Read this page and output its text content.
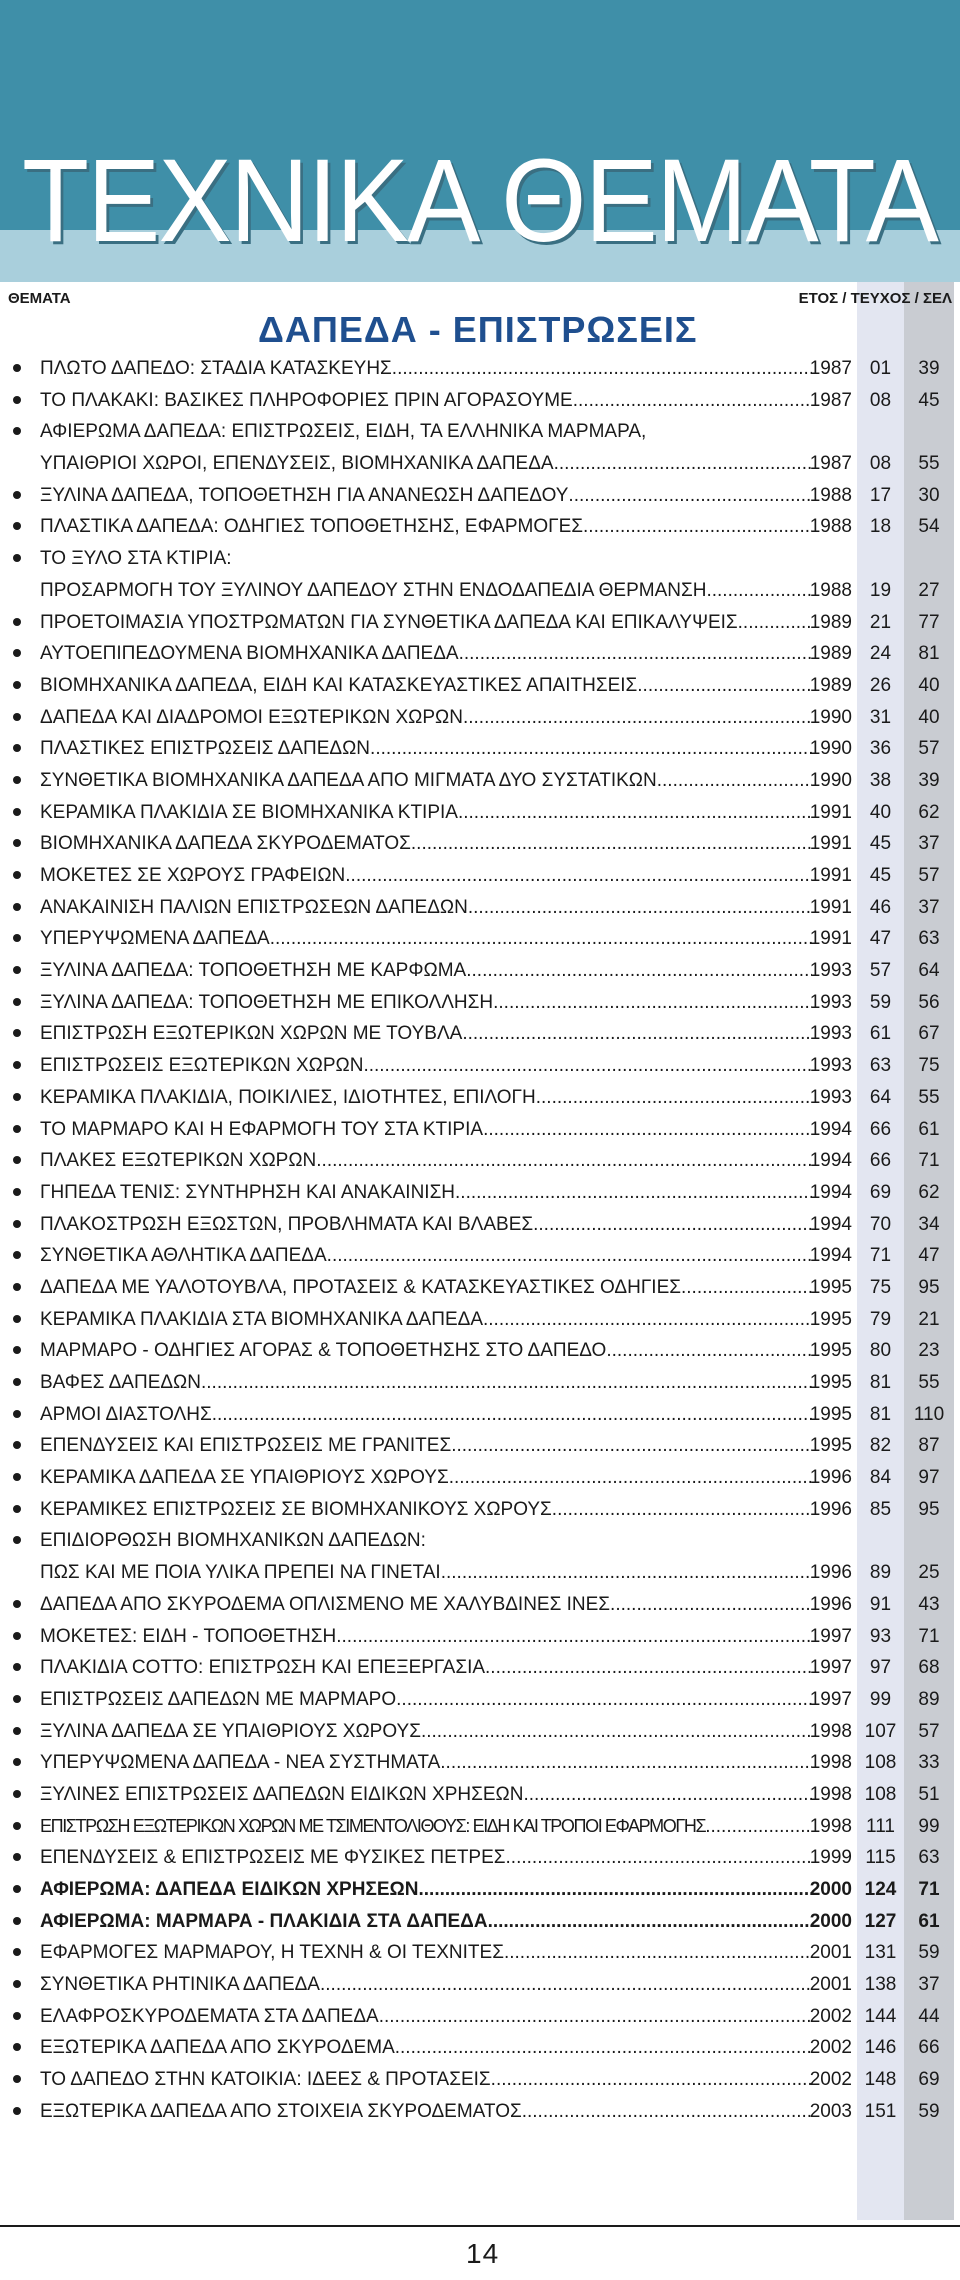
ΤΕΧΝΙΚΑ ΘΕΜΑΤΑ
ΘΕΜΑΤΑ	ΕΤΟΣ / ΤΕΥΧΟΣ / ΣΕΛ
ΔΑΠΕΔΑ - ΕΠΙΣΤΡΩΣΕΙΣ
ΠΛΩΤΟ ΔΑΠΕΔΟ: ΣΤΑΔΙΑ ΚΑΤΑΣΚΕΥΗΣ .....	1987 01	39
ΤΟ ΠΛΑΚΑΚΙ: ΒΑΣΙΚΕΣ ΠΛΗΡΟΦΟΡΙΕΣ ΠΡΙΝ ΑΓΟΡΑΣΟΥΜΕ .....	1987 08	45
ΑΦΙΕΡΩΜΑ ΔΑΠΕΔΑ: ΕΠΙΣΤΡΩΣΕΙΣ, ΕΙΔΗ, ΤΑ ΕΛΛΗΝΙΚΑ ΜΑΡΜΑΡΑ,
ΥΠΑΙΘΡΙΟΙ ΧΩΡΟΙ, ΕΠΕΝΔΥΣΕΙΣ, ΒΙΟΜΗΧΑΝΙΚΑ ΔΑΠΕΔΑ .....	1987 08	55
ΞΥΛΙΝΑ ΔΑΠΕΔΑ, ΤΟΠΟΘΕΤΗΣΗ ΓΙΑ ΑΝΑΝΕΩΣΗ ΔΑΠΕΔΟΥ .....	1988 17	30
ΠΛΑΣΤΙΚΑ ΔΑΠΕΔΑ: ΟΔΗΓΙΕΣ ΤΟΠΟΘΕΤΗΣΗΣ, ΕΦΑΡΜΟΓΕΣ .....	1988 18	54
ΤΟ ΞΥΛΟ ΣΤΑ ΚΤΙΡΙΑ:
ΠΡΟΣΑΡΜΟΓΗ ΤΟΥ ΞΥΛΙΝΟΥ ΔΑΠΕΔΟΥ ΣΤΗΝ ΕΝΔΟΔΑΠΕΔΙΑ ΘΕΡΜΑΝΣΗ .....	1988 19	27
ΠΡΟΕΤΟΙΜΑΣΙΑ ΥΠΟΣΤΡΩΜΑΤΩΝ ΓΙΑ ΣΥΝΘΕΤΙΚΑ ΔΑΠΕΔΑ ΚΑΙ ΕΠΙΚΑΛΥΨΕΙΣ .....	1989 21	77
ΑΥΤΟΕΠΙΠΕΔΟΥΜΕΝΑ ΒΙΟΜΗΧΑΝΙΚΑ ΔΑΠΕΔΑ .....	1989 24	81
ΒΙΟΜΗΧΑΝΙΚΑ ΔΑΠΕΔΑ, ΕΙΔΗ ΚΑΙ ΚΑΤΑΣΚΕΥΑΣΤΙΚΕΣ ΑΠΑΙΤΗΣΕΙΣ .....	1989 26	40
ΔΑΠΕΔΑ ΚΑΙ ΔΙΑΔΡΟΜΟΙ ΕΞΩΤΕΡΙΚΩΝ ΧΩΡΩΝ .....	1990 31	40
ΠΛΑΣΤΙΚΕΣ ΕΠΙΣΤΡΩΣΕΙΣ ΔΑΠΕΔΩΝ .....	1990 36	57
ΣΥΝΘΕΤΙΚΑ ΒΙΟΜΗΧΑΝΙΚΑ ΔΑΠΕΔΑ ΑΠΟ ΜΙΓΜΑΤΑ ΔΥΟ ΣΥΣΤΑΤΙΚΩΝ .....	1990 38	39
ΚΕΡΑΜΙΚΑ ΠΛΑΚΙΔΙΑ ΣΕ ΒΙΟΜΗΧΑΝΙΚΑ ΚΤΙΡΙΑ .....	1991 40	62
ΒΙΟΜΗΧΑΝΙΚΑ ΔΑΠΕΔΑ ΣΚΥΡΟΔΕΜΑΤΟΣ .....	1991 45	37
ΜΟΚΕΤΕΣ ΣΕ ΧΩΡΟΥΣ ΓΡΑΦΕΙΩΝ .....	1991 45	57
ΑΝΑΚΑΙΝΙΣΗ ΠΑΛΙΩΝ ΕΠΙΣΤΡΩΣΕΩΝ ΔΑΠΕΔΩΝ .....	1991 46	37
ΥΠΕΡΥΨΩΜΕΝΑ ΔΑΠΕΔΑ .....	1991 47	63
ΞΥΛΙΝΑ ΔΑΠΕΔΑ: ΤΟΠΟΘΕΤΗΣΗ ΜΕ ΚΑΡΦΩΜΑ .....	1993 57	64
ΞΥΛΙΝΑ ΔΑΠΕΔΑ: ΤΟΠΟΘΕΤΗΣΗ ΜΕ ΕΠΙΚΟΛΛΗΣΗ .....	1993 59	56
ΕΠΙΣΤΡΩΣΗ ΕΞΩΤΕΡΙΚΩΝ ΧΩΡΩΝ ΜΕ ΤΟΥΒΛΑ .....	1993 61	67
ΕΠΙΣΤΡΩΣΕΙΣ ΕΞΩΤΕΡΙΚΩΝ ΧΩΡΩΝ .....	1993 63	75
ΚΕΡΑΜΙΚΑ ΠΛΑΚΙΔΙΑ, ΠΟΙΚΙΛΙΕΣ, ΙΔΙΟΤΗΤΕΣ, ΕΠΙΛΟΓΗ .....	1993 64	55
ΤΟ ΜΑΡΜΑΡΟ ΚΑΙ Η ΕΦΑΡΜΟΓΗ ΤΟΥ ΣΤΑ ΚΤΙΡΙΑ .....	1994 66	61
ΠΛΑΚΕΣ ΕΞΩΤΕΡΙΚΩΝ ΧΩΡΩΝ .....	1994 66	71
ΓΗΠΕΔΑ ΤΕΝΙΣ: ΣΥΝΤΗΡΗΣΗ ΚΑΙ ΑΝΑΚΑΙΝΙΣΗ .....	1994 69	62
ΠΛΑΚΟΣΤΡΩΣΗ ΕΞΩΣΤΩΝ, ΠΡΟΒΛΗΜΑΤΑ ΚΑΙ ΒΛΑΒΕΣ .....	1994 70	34
ΣΥΝΘΕΤΙΚΑ ΑΘΛΗΤΙΚΑ ΔΑΠΕΔΑ .....	1994 71	47
ΔΑΠΕΔΑ ΜΕ ΥΑΛΟΤΟΥΒΛΑ, ΠΡΟΤΑΣΕΙΣ & ΚΑΤΑΣΚΕΥΑΣΤΙΚΕΣ ΟΔΗΓΙΕΣ .....	1995 75	95
ΚΕΡΑΜΙΚΑ ΠΛΑΚΙΔΙΑ ΣΤΑ ΒΙΟΜΗΧΑΝΙΚΑ ΔΑΠΕΔΑ .....	1995 79	21
ΜΑΡΜΑΡΟ - ΟΔΗΓΙΕΣ ΑΓΟΡΑΣ & ΤΟΠΟΘΕΤΗΣΗΣ ΣΤΟ ΔΑΠΕΔΟ .....	1995 80	23
ΒΑΦΕΣ ΔΑΠΕΔΩΝ .....	1995 81	55
ΑΡΜΟΙ ΔΙΑΣΤΟΛΗΣ .....	1995 81	110
ΕΠΕΝΔΥΣΕΙΣ ΚΑΙ ΕΠΙΣΤΡΩΣΕΙΣ ΜΕ ΓΡΑΝΙΤΕΣ .....	1995 82	87
ΚΕΡΑΜΙΚΑ ΔΑΠΕΔΑ ΣΕ ΥΠΑΙΘΡΙΟΥΣ ΧΩΡΟΥΣ .....	1996 84	97
ΚΕΡΑΜΙΚΕΣ ΕΠΙΣΤΡΩΣΕΙΣ ΣΕ ΒΙΟΜΗΧΑΝΙΚΟΥΣ ΧΩΡΟΥΣ .....	1996 85	95
ΕΠΙΔΙΟΡΘΩΣΗ ΒΙΟΜΗΧΑΝΙΚΩΝ ΔΑΠΕΔΩΝ:
ΠΩΣ ΚΑΙ ΜΕ ΠΟΙΑ ΥΛΙΚΑ ΠΡΕΠΕΙ ΝΑ ΓΙΝΕΤΑΙ .....	1996 89	25
ΔΑΠΕΔΑ ΑΠΟ ΣΚΥΡΟΔΕΜΑ ΟΠΛΙΣΜΕΝΟ ΜΕ ΧΑΛΥΒΔΙΝΕΣ ΙΝΕΣ .....	1996 91	43
ΜΟΚΕΤΕΣ: ΕΙΔΗ - ΤΟΠΟΘΕΤΗΣΗ .....	1997 93	71
ΠΛΑΚΙΔΙΑ COTTO: ΕΠΙΣΤΡΩΣΗ ΚΑΙ ΕΠΕΞΕΡΓΑΣΙΑ .....	1997 97	68
ΕΠΙΣΤΡΩΣΕΙΣ ΔΑΠΕΔΩΝ ΜΕ ΜΑΡΜΑΡΟ .....	1997 99	89
ΞΥΛΙΝΑ ΔΑΠΕΔΑ ΣΕ ΥΠΑΙΘΡΙΟΥΣ ΧΩΡΟΥΣ .....	1998 107	57
ΥΠΕΡΥΨΩΜΕΝΑ ΔΑΠΕΔΑ - ΝΕΑ ΣΥΣΤΗΜΑΤΑ .....	1998 108	33
ΞΥΛΙΝΕΣ ΕΠΙΣΤΡΩΣΕΙΣ ΔΑΠΕΔΩΝ ΕΙΔΙΚΩΝ ΧΡΗΣΕΩΝ .....	1998 108	51
ΕΠΙΣΤΡΩΣΗ ΕΞΩΤΕΡΙΚΩΝ ΧΩΡΩΝ ΜΕ ΤΣΙΜΕΝΤΟΛΙΘΟΥΣ: ΕΙΔΗ ΚΑΙ ΤΡΟΠΟΙ ΕΦΑΡΜΟΓΗΣ .....	1998 111	99
ΕΠΕΝΔΥΣΕΙΣ & ΕΠΙΣΤΡΩΣΕΙΣ ΜΕ ΦΥΣΙΚΕΣ ΠΕΤΡΕΣ .....	1999 115	63
ΑΦΙΕΡΩΜΑ: ΔΑΠΕΔΑ ΕΙΔΙΚΩΝ ΧΡΗΣΕΩΝ .....	2000 124	71
ΑΦΙΕΡΩΜΑ: ΜΑΡΜΑΡΑ - ΠΛΑΚΙΔΙΑ ΣΤΑ ΔΑΠΕΔΑ .....	2000 127	61
ΕΦΑΡΜΟΓΕΣ ΜΑΡΜΑΡΟΥ, Η ΤΕΧΝΗ & ΟΙ ΤΕΧΝΙΤΕΣ .....	2001 131	59
ΣΥΝΘΕΤΙΚΑ ΡΗΤΙΝΙΚΑ ΔΑΠΕΔΑ .....	2001 138	37
ΕΛΑΦΡΟΣΚΥΡΟΔΕΜΑΤΑ ΣΤΑ ΔΑΠΕΔΑ .....	2002 144	44
ΕΞΩΤΕΡΙΚΑ ΔΑΠΕΔΑ ΑΠΟ ΣΚΥΡΟΔΕΜΑ .....	2002 146	66
ΤΟ ΔΑΠΕΔΟ ΣΤΗΝ ΚΑΤΟΙΚΙΑ: ΙΔΕΕΣ & ΠΡΟΤΑΣΕΙΣ .....	2002 148	69
ΕΞΩΤΕΡΙΚΑ ΔΑΠΕΔΑ ΑΠΟ ΣΤΟΙΧΕΙΑ ΣΚΥΡΟΔΕΜΑΤΟΣ .....	2003 151	59
14
